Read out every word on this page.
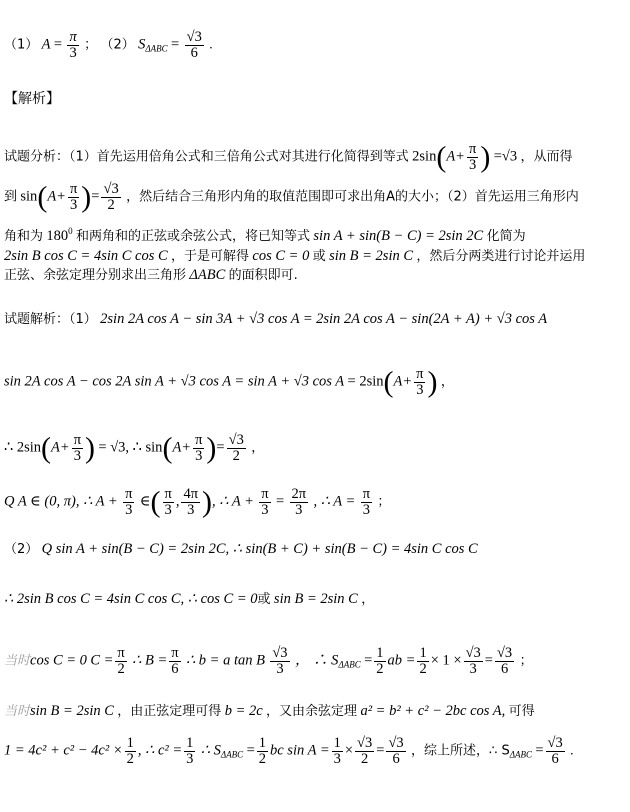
（1） $A = \frac{\pi}{3}$ ； （2） $S_{\Delta ABC} = \frac{√3}{6}$ .
【解析】
试题分析：（1）首先运用倍角公式和三倍角公式对其进行化简得到等式 $2\sin(A+ \frac{\pi}{3}$ ) =√3 ，从而得
到 $\sin(A+ \frac{\pi}{3}$ )= $\frac{√3}{2}$ ，然后结合三角形内角的取值范围即可求出角A的大小；（2）首先运用三角形内
角和为 $180^0$ 和两角和的正弦或余弦公式，将已知等式 sin A + sin(B − C) = 2sin 2C 化简为
2sin B cos C = 4sin C cos C ，于是可解得 cos C = 0 或 sin B = 2sin C ，然后分两类进行讨论并运用
正弦、余弦定理分别求出三角形 ΔABC 的面积即可.
试题解析：（1） 2sin 2A cos A − sin 3A + √3 cos A = 2sin 2A cos A − sin(2A + A) + √3 cos A
sin 2A cos A − cos 2A sin A + √3 cos A = sin A + √3 $\cos A = 2\sin(A+ \frac{\pi}{3}$ ) ，
∴ $2\sin(A+ \frac{\pi}{3}$ ) = √3, ∴ $\sin(A+ \frac{\pi}{3}$ )= $\frac{√3}{2}$ ，
Q A ∈ (0, π), ∴ $A + \frac{\pi}{3}$ ∈( $\frac{\pi}{3}$ , $\frac{4\pi}{3}$ ), ∴ $A + \frac{\pi}{3} = \frac{2\pi}{3}$ , ∴ $A = \frac{\pi}{3}$ ；
（2） Q sin A + sin(B − C) = 2sin 2C, ∴ sin(B + C) + sin(B − C) = 4sin C cos C
∴ 2sin B cos C = 4sin C cos C, ∴ cos C = 0或 sin B = 2sin C ，
当时cos C = 0 $C = \frac{\pi}{2}$ ∴ $B = \frac{\pi}{6}$ ∴ b = a tan B $\frac{√3}{3}$ ， ∴ $S_{\Delta ABC} = \frac{1}{2}$ ab = $\frac{1}{2} \times 1 \times \frac{√3}{3} = \frac{√3}{6}$ ；
当时sin B = 2sin C ，由正弦定理可得 b = 2c ，又由余弦定理 a² = b² + c² − 2bc cos A, 可得
$1 = 4c^2 + c^2 - 4c^2 \times \frac{1}{2}$ , ∴ $c^2 = \frac{1}{3}$ ∴ $S_{\Delta ABC} = \frac{1}{2}$ bc $\sin A = \frac{1}{3} \times \frac{√3}{2} = \frac{√3}{6}$ ，综上所述，∴ $S_{\Delta ABC} = \frac{√3}{6}$ .
